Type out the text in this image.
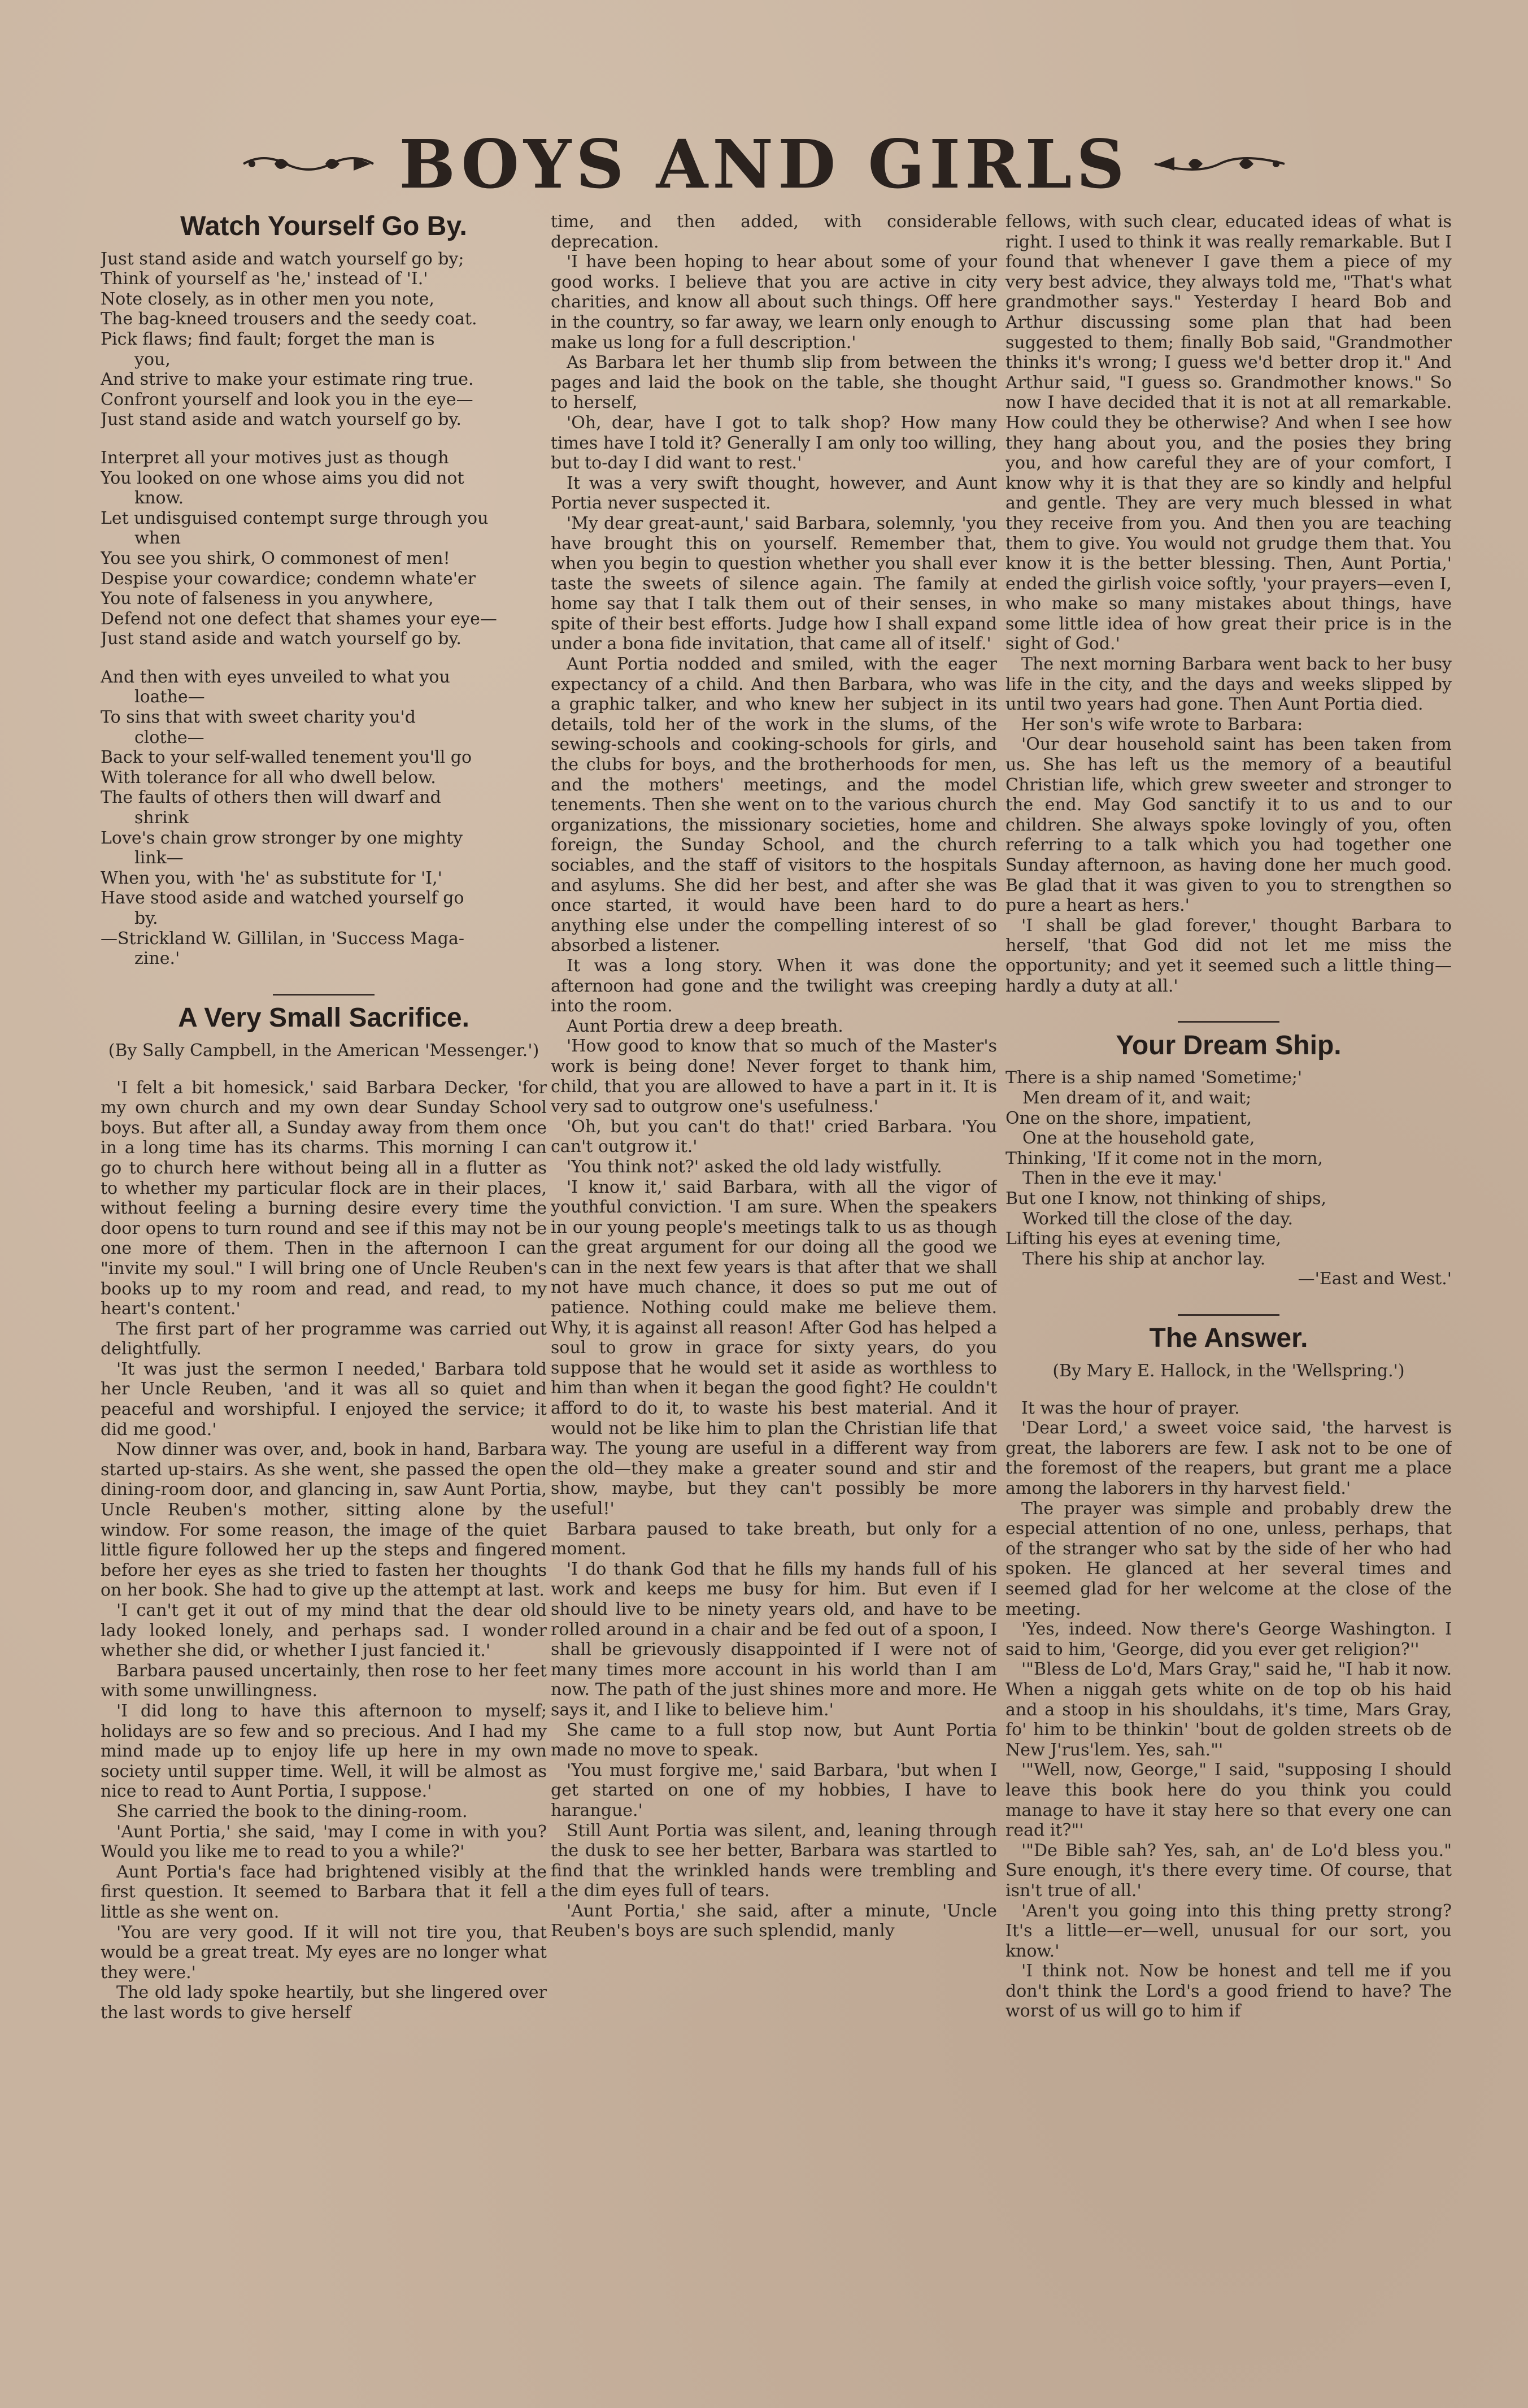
BOYS AND GIRLS
Watch Yourself Go By.
Just stand aside and watch yourself go by;
Think of yourself as 'he,' instead of 'I.'
Note closely, as in other men you note,
The bag-kneed trousers and the seedy coat.
Pick flaws; find fault; forget the man is
you,
And strive to make your estimate ring true.
Confront yourself and look you in the eye—
Just stand aside and watch yourself go by.
Interpret all your motives just as though
You looked on one whose aims you did not
know.
Let undisguised contempt surge through you
when
You see you shirk, O commonest of men!
Despise your cowardice; condemn whate'er
You note of falseness in you anywhere,
Defend not one defect that shames your eye—
Just stand aside and watch yourself go by.
And then with eyes unveiled to what you
loathe—
To sins that with sweet charity you'd
clothe—
Back to your self-walled tenement you'll go
With tolerance for all who dwell below.
The faults of others then will dwarf and
shrink
Love's chain grow stronger by one mighty
link—
When you, with 'he' as substitute for 'I,'
Have stood aside and watched yourself go
by.
—Strickland W. Gillilan, in 'Success Maga-
zine.'
A Very Small Sacrifice.

(By Sally Campbell, in the American 'Messenger.')

'I felt a bit homesick,' said Barbara Decker, 'for my own church and my own dear Sunday School boys. But after all, a Sunday away from them once in a long time has its charms. This morning I can go to church here without being all in a flutter as to whether my particular flock are in their places, without feeling a burning desire every time the door opens to turn round and see if this may not be one more of them. Then in the afternoon I can "invite my soul." I will bring one of Uncle Reuben's books up to my room and read, and read, to my heart's content.'

The first part of her programme was carried out delightfully.

'It was just the sermon I needed,' Barbara told her Uncle Reuben, 'and it was all so quiet and peaceful and worshipful. I enjoyed the service; it did me good.'

Now dinner was over, and, book in hand, Barbara started up-stairs. As she went, she passed the open dining-room door, and glancing in, saw Aunt Portia, Uncle Reuben's mother, sitting alone by the window. For some reason, the image of the quiet little figure followed her up the steps and fingered before her eyes as she tried to fasten her thoughts on her book. She had to give up the attempt at last.

'I can't get it out of my mind that the dear old lady looked lonely, and perhaps sad. I wonder whether she did, or whether I just fancied it.'

Barbara paused uncertainly, then rose to her feet with some unwillingness.

'I did long to have this afternoon to myself; holidays are so few and so precious. And I had my mind made up to enjoy life up here in my own society until supper time. Well, it will be almost as nice to read to Aunt Portia, I suppose.'

She carried the book to the dining-room.

'Aunt Portia,' she said, 'may I come in with you? Would you like me to read to you a while?'

Aunt Portia's face had brightened visibly at the first question. It seemed to Barbara that it fell a little as she went on.

'You are very good. If it will not tire you, that would be a great treat. My eyes are no longer what they were.'

The old lady spoke heartily, but she lingered over the last words to give herself

time, and then added, with considerable deprecation.

'I have been hoping to hear about some of your good works. I believe that you are active in city charities, and know all about such things. Off here in the country, so far away, we learn only enough to make us long for a full description.'

As Barbara let her thumb slip from between the pages and laid the book on the table, she thought to herself,

'Oh, dear, have I got to talk shop? How many times have I told it? Generally I am only too willing, but to-day I did want to rest.'

It was a very swift thought, however, and Aunt Portia never suspected it.

'My dear great-aunt,' said Barbara, solemnly, 'you have brought this on yourself. Remember that, when you begin to question whether you shall ever taste the sweets of silence again. The family at home say that I talk them out of their senses, in spite of their best efforts. Judge how I shall expand under a bona fide invitation, that came all of itself.'

Aunt Portia nodded and smiled, with the eager expectancy of a child. And then Barbara, who was a graphic talker, and who knew her subject in its details, told her of the work in the slums, of the sewing-schools and cooking-schools for girls, and the clubs for boys, and the brotherhoods for men, and the mothers' meetings, and the model tenements. Then she went on to the various church organizations, the missionary societies, home and foreign, the Sunday School, and the church sociables, and the staff of visitors to the hospitals and asylums. She did her best, and after she was once started, it would have been hard to do anything else under the compelling interest of so absorbed a listener.

It was a long story. When it was done the afternoon had gone and the twilight was creeping into the room.

Aunt Portia drew a deep breath.

'How good to know that so much of the Master's work is being done! Never forget to thank him, child, that you are allowed to have a part in it. It is very sad to outgrow one's usefulness.'

'Oh, but you can't do that!' cried Barbara. 'You can't outgrow it.'

'You think not?' asked the old lady wistfully.

'I know it,' said Barbara, with all the vigor of youthful conviction. 'I am sure. When the speakers in our young people's meetings talk to us as though the great argument for our doing all the good we can in the next few years is that after that we shall not have much chance, it does so put me out of patience. Nothing could make me believe them. Why, it is against all reason! After God has helped a soul to grow in grace for sixty years, do you suppose that he would set it aside as worthless to him than when it began the good fight? He couldn't afford to do it, to waste his best material. And it would not be like him to plan the Christian life that way. The young are useful in a different way from the old—they make a greater sound and stir and show, maybe, but they can't possibly be more useful!'

Barbara paused to take breath, but only for a moment.

'I do thank God that he fills my hands full of his work and keeps me busy for him. But even if I should live to be ninety years old, and have to be rolled around in a chair and be fed out of a spoon, I shall be grievously disappointed if I were not of many times more account in his world than I am now. The path of the just shines more and more. He says it, and I like to believe him.'

She came to a full stop now, but Aunt Portia made no move to speak.

'You must forgive me,' said Barbara, 'but when I get started on one of my hobbies, I have to harangue.'

Still Aunt Portia was silent, and, leaning through the dusk to see her better, Barbara was startled to find that the wrinkled hands were trembling and the dim eyes full of tears.

'Aunt Portia,' she said, after a minute, 'Uncle Reuben's boys are such splendid, manly

fellows, with such clear, educated ideas of what is right. I used to think it was really remarkable. But I found that whenever I gave them a piece of my very best advice, they always told me, "That's what grandmother says." Yesterday I heard Bob and Arthur discussing some plan that had been suggested to them; finally Bob said, "Grandmother thinks it's wrong; I guess we'd better drop it." And Arthur said, "I guess so. Grandmother knows." So now I have decided that it is not at all remarkable. How could they be otherwise? And when I see how they hang about you, and the posies they bring you, and how careful they are of your comfort, I know why it is that they are so kindly and helpful and gentle. They are very much blessed in what they receive from you. And then you are teaching them to give. You would not grudge them that. You know it is the better blessing. Then, Aunt Portia,' ended the girlish voice softly, 'your prayers—even I, who make so many mistakes about things, have some little idea of how great their price is in the sight of God.'

The next morning Barbara went back to her busy life in the city, and the days and weeks slipped by until two years had gone. Then Aunt Portia died.

Her son's wife wrote to Barbara:

'Our dear household saint has been taken from us. She has left us the memory of a beautiful Christian life, which grew sweeter and stronger to the end. May God sanctify it to us and to our children. She always spoke lovingly of you, often referring to a talk which you had together one Sunday afternoon, as having done her much good. Be glad that it was given to you to strengthen so pure a heart as hers.'

'I shall be glad forever,' thought Barbara to herself, 'that God did not let me miss the opportunity; and yet it seemed such a little thing—hardly a duty at all.'

Your Dream Ship.
There is a ship named 'Sometime;'
Men dream of it, and wait;
One on the shore, impatient,
One at the household gate,
Thinking, 'If it come not in the morn,
Then in the eve it may.'
But one I know, not thinking of ships,
Worked till the close of the day.
Lifting his eyes at evening time,
There his ship at anchor lay.
—'East and West.'
The Answer.

(By Mary E. Hallock, in the 'Wellspring.')

It was the hour of prayer.

'Dear Lord,' a sweet voice said, 'the harvest is great, the laborers are few. I ask not to be one of the foremost of the reapers, but grant me a place among the laborers in thy harvest field.'

The prayer was simple and probably drew the especial attention of no one, unless, perhaps, that of the stranger who sat by the side of her who had spoken. He glanced at her several times and seemed glad for her welcome at the close of the meeting.

'Yes, indeed. Now there's George Washington. I said to him, 'George, did you ever get religion?''

'"Bless de Lo'd, Mars Gray," said he, "I hab it now. When a niggah gets white on de top ob his haid and a stoop in his shouldahs, it's time, Mars Gray, fo' him to be thinkin' 'bout de golden streets ob de New J'rus'lem. Yes, sah."'

'"Well, now, George," I said, "supposing I should leave this book here do you think you could manage to have it stay here so that every one can read it?"'

'"De Bible sah? Yes, sah, an' de Lo'd bless you." Sure enough, it's there every time. Of course, that isn't true of all.'

'Aren't you going into this thing pretty strong? It's a little—er—well, unusual for our sort, you know.'

'I think not. Now be honest and tell me if you don't think the Lord's a good friend to have? The worst of us will go to him if
